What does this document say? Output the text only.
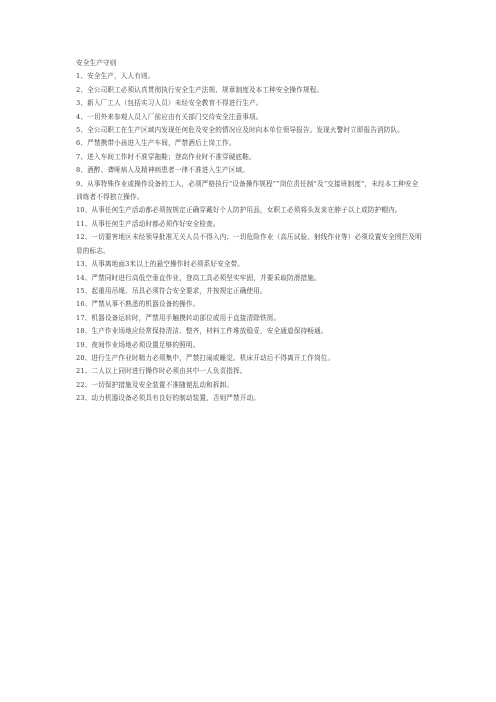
安全生产守则

1、安全生产，人人有则。

2、全公司职工必须认真贯彻执行安全生产法规、规章制度及本工种安全操作规程。

3、新入厂工人（包括实习人员）未经安全教育不得进行生产。

4、一切外来参观人员入厂前应由有关部门交待安全注意事项。

5、全公司职工在生产区域内发现任何危及安全的情况应及时向本单位领导报告。发现火警时立即报告消防队。

6、严禁携带小孩进入生产车间，严禁酒后上岗工作。

7、进入车间工作时不准穿拖鞋；登高作业时不准穿硬底鞋。

8、酒醉、聋哑病人及精神病患者一律不准进入生产区域。

9、从事特殊作业或操作设备的工人，必须严格执行“设备操作规程”“岗位责任制”及“交接班制度”，未经本工种安全训练者不得独立操作。

10、从事任何生产活动都必须按规定正确穿戴好个人防护用品，女职工必须将头发束在脖子以上或防护帽内。

11、从事任何生产活动时都必须作好安全检查。

12、一切要害地区未经领导批准无关人员不得入内；一切危险作业（高压试验、射线作业等）必须设置安全围拦及明显的标志。

13、从事离地面3米以上的悬空操作时必须系好安全带。

14、严禁同时进行高低空垂直作业，登高工具必须坚实牢固，并要采取防滑措施。

15、起重用吊绳、吊具必须符合安全要求，并按规定正确使用。

16、严禁从事不熟悉的机器设备的操作。

17、机器设备运转时，严禁用手触摸转动部位或用于直接清除铁屑。

18、生产作业场地应经常保持清洁、整齐，材料工件堆放稳妥，安全通道保持畅通。

19、夜间作业场地必须设置足够的照明。

20、进行生产作业时精力必须集中，严禁打闹或睡觉。机床开动后不得离开工作岗位。

21、二人以上同时进行操作时必须由其中一人负责指挥。

22、一切保护措施及安全装置不准随便乱动和拆卸。

23、动力机器设备必须具有良好的制动装置，否则严禁开动。
